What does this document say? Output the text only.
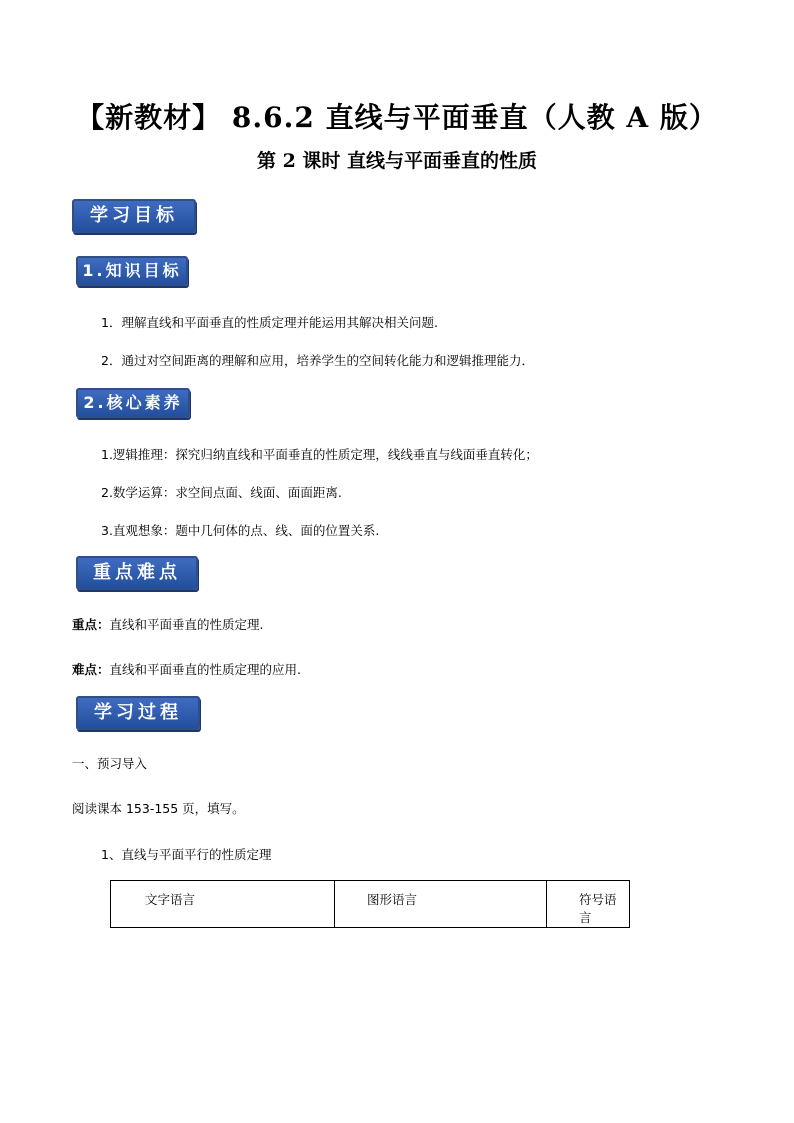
【新教材】 8.6.2 直线与平面垂直（人教 A 版）
第 2 课时 直线与平面垂直的性质
学习目标
1.知识目标
1．理解直线和平面垂直的性质定理并能运用其解决相关问题.
2．通过对空间距离的理解和应用，培养学生的空间转化能力和逻辑推理能力．
2.核心素养
1.逻辑推理：探究归纳直线和平面垂直的性质定理，线线垂直与线面垂直转化；
2.数学运算：求空间点面、线面、面面距离.
3.直观想象：题中几何体的点、线、面的位置关系.
重点难点
重点：直线和平面垂直的性质定理.
难点：直线和平面垂直的性质定理的应用.
学习过程
一、预习导入
阅读课本 153-155 页，填写。
1、直线与平面平行的性质定理
文字语言	图形语言	符号语言
